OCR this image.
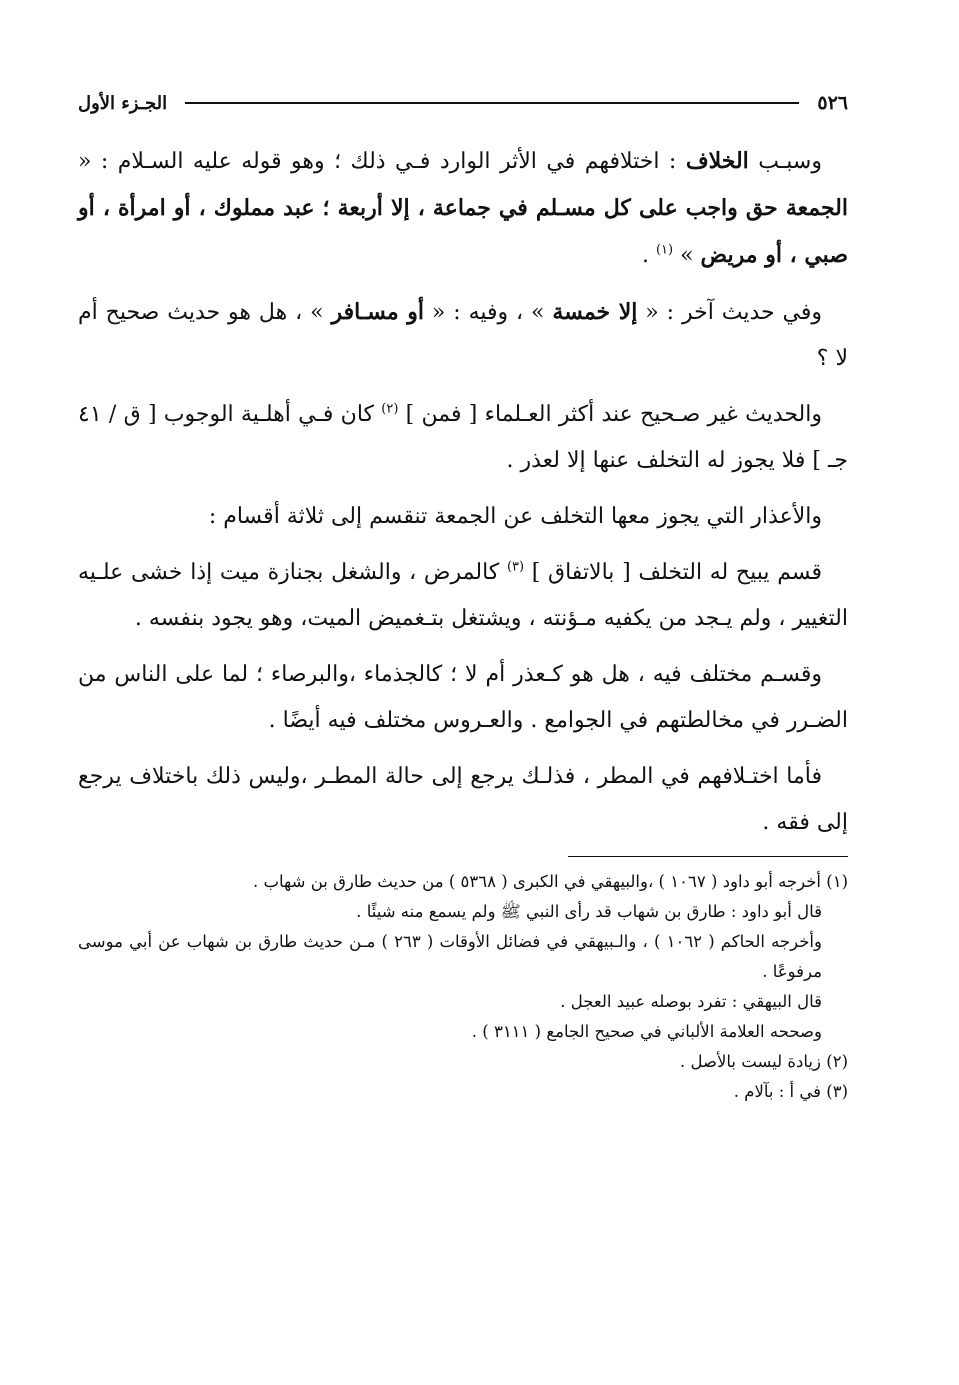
٥٢٦
الجـزء الأول

وسبـب الخلاف : اختلافهم في الأثر الوارد فـي ذلك ؛ وهو قوله عليه السـلام : « الجمعة حق واجب على كل مسـلم في جماعة ، إلا أربعة ؛ عبد مملوك ، أو امرأة ، أو صبي ، أو مريض » $^{(١)}$ .

وفي حديث آخر : « إلا خمسة » ، وفيه : « أو مسـافر » ، هل هو حديث صحيح أم لا ؟

والحديث غير صـحيح عند أكثر العـلماء [ فمن ] $^{(٢)}$ كان فـي أهلـية الوجوب [ ق / ٤١ جـ ] فلا يجوز له التخلف عنها إلا لعذر .

والأعذار التي يجوز معها التخلف عن الجمعة تنقسم إلى ثلاثة أقسام :

قسم يبيح له التخلف [ بالاتفاق ] $^{(٣)}$ كالمرض ، والشغل بجنازة ميت إذا خشى علـيه التغيير ، ولم يـجد من يكفيه مـؤنته ، ويشتغل بتـغميض الميت، وهو يجود بنفسه .

وقسـم مختلف فيه ، هل هو كـعذر أم لا ؛ كالجذماء ،والبرصاء ؛ لما على الناس من الضـرر في مخالطتهم في الجوامع . والعـروس مختلف فيه أيضًا .

فأما اختـلافهم في المطر ، فذلـك يرجع إلى حالة المطـر ،وليس ذلك باختلاف يرجع إلى فقه .

(١) أخرجه أبو داود ( ١٠٦٧ ) ،والبيهقي في الكبرى ( ٥٣٦٨ ) من حديث طارق بن شهاب .

قال أبو داود : طارق بن شهاب قد رأى النبي ﷺ ولم يسمع منه شيئًا .

وأخرجه الحاكم ( ١٠٦٢ ) ، والـبيهقي في فضائل الأوقات ( ٢٦٣ ) مـن حديث طارق بن شهاب عن أبي موسى مرفوعًا .

قال البيهقي : تفرد بوصله عبيد العجل .

وصححه العلامة الألباني في صحيح الجامع ( ٣١١١ ) .

(٢) زيادة ليست بالأصل .

(٣) في أ : بآلام .
